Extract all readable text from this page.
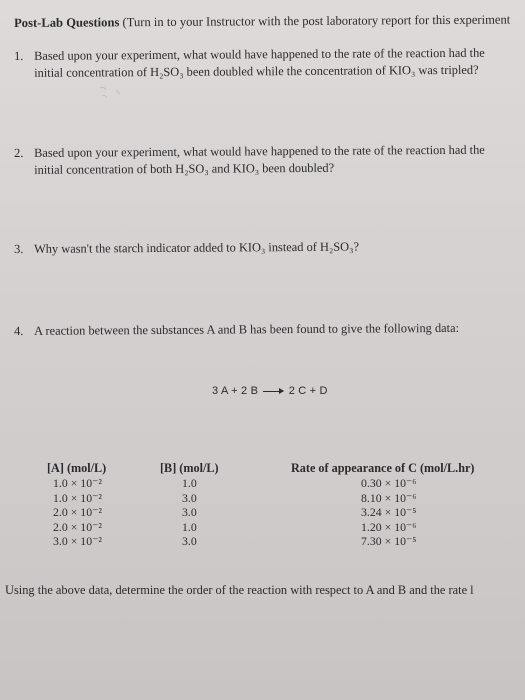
Post-Lab Questions (Turn in to your Instructor with the post laboratory report for this experiment
1. Based upon your experiment, what would have happened to the rate of the reaction had the
initial concentration of H₂SO₃ been doubled while the concentration of KIO₃ was tripled?
2. Based upon your experiment, what would have happened to the rate of the reaction had the
initial concentration of both H₂SO₃ and KIO₃ been doubled?
3. Why wasn't the starch indicator added to KIO₃ instead of H₂SO₃?
4. A reaction between the substances A and B has been found to give the following data:
3 A + 2 B → 2 C + D
[A] (mol/L)
1.0 × 10⁻²
1.0 × 10⁻²
2.0 × 10⁻²
2.0 × 10⁻²
3.0 × 10⁻²
[B] (mol/L)
1.0
3.0
3.0
1.0
3.0
Rate of appearance of C (mol/L.hr)
0.30 × 10⁻⁶
8.10 × 10⁻⁶
3.24 × 10⁻⁵
1.20 × 10⁻⁶
7.30 × 10⁻⁵
Using the above data, determine the order of the reaction with respect to A and B and the rate l
